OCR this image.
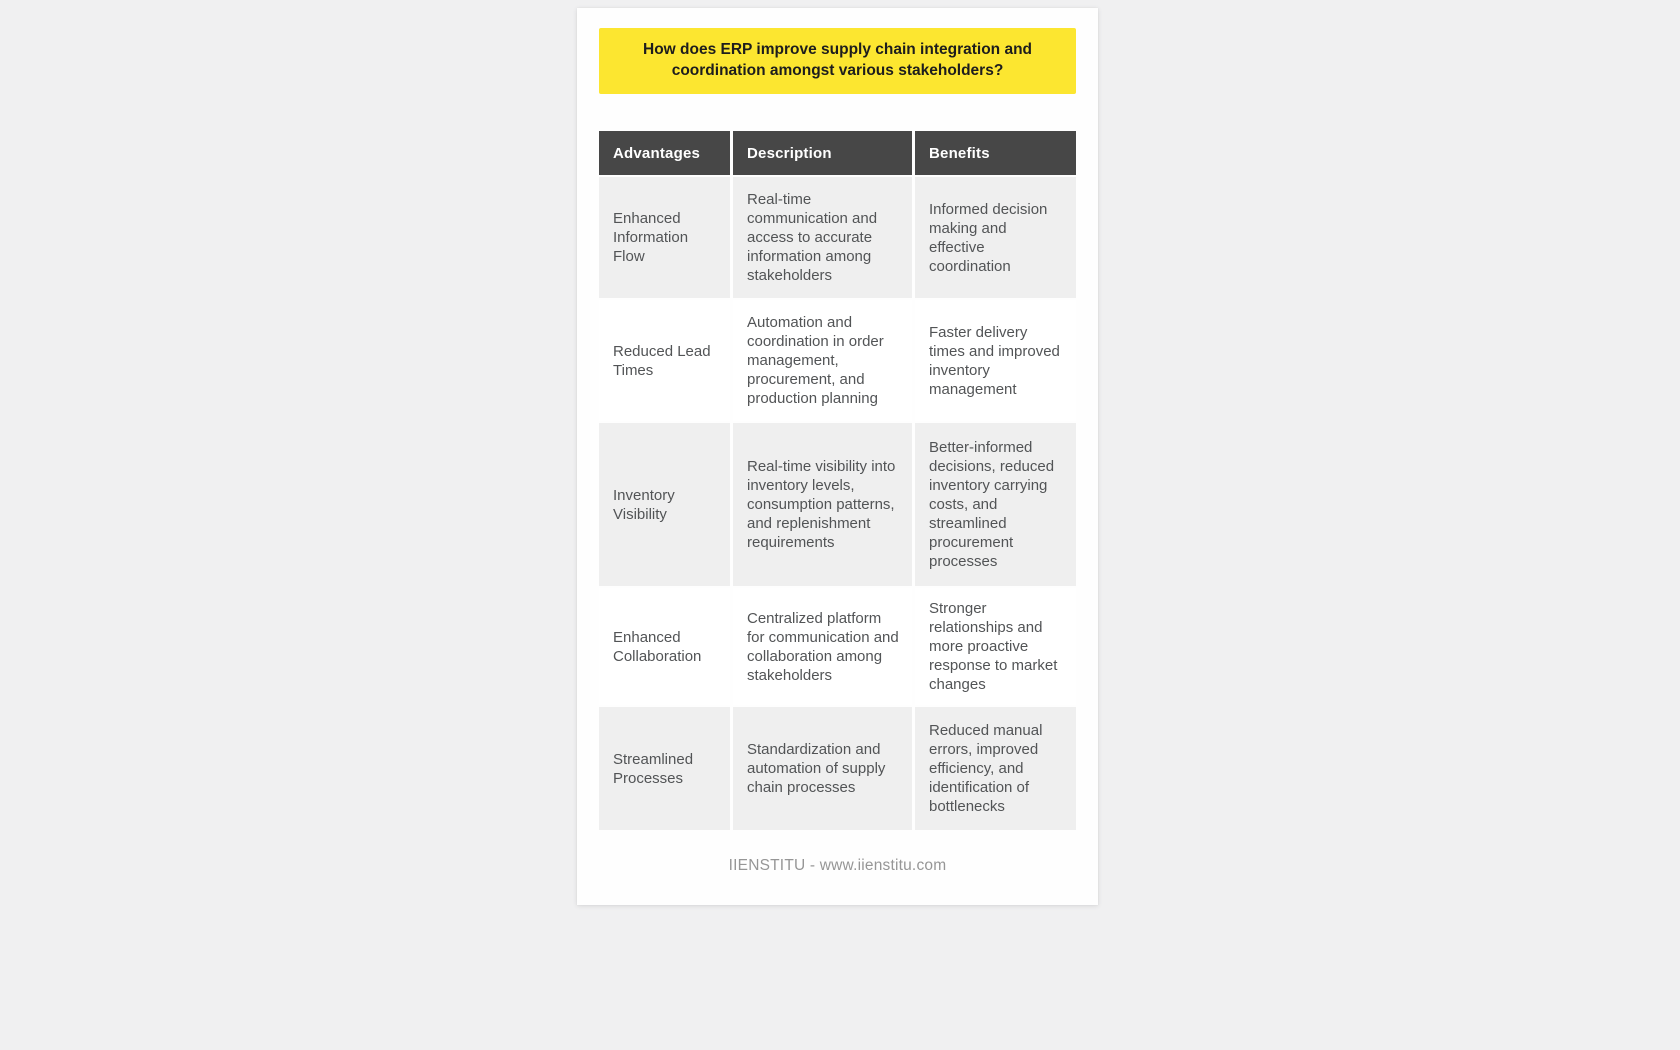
How does ERP improve supply chain integration and coordination amongst various stakeholders?
Advantages	Description	Benefits
Enhanced Information Flow	Real-time communication and access to accurate information among stakeholders	Informed decision making and effective coordination
Reduced Lead Times	Automation and coordination in order management, procurement, and production planning	Faster delivery times and improved inventory management
Inventory Visibility	Real-time visibility into inventory levels, consumption patterns, and replenishment requirements	Better-informed decisions, reduced inventory carrying costs, and streamlined procurement processes
Enhanced Collaboration	Centralized platform for communication and collaboration among stakeholders	Stronger relationships and more proactive response to market changes
Streamlined Processes	Standardization and automation of supply chain processes	Reduced manual errors, improved efficiency, and identification of bottlenecks
IIENSTITU - www.iienstitu.com
